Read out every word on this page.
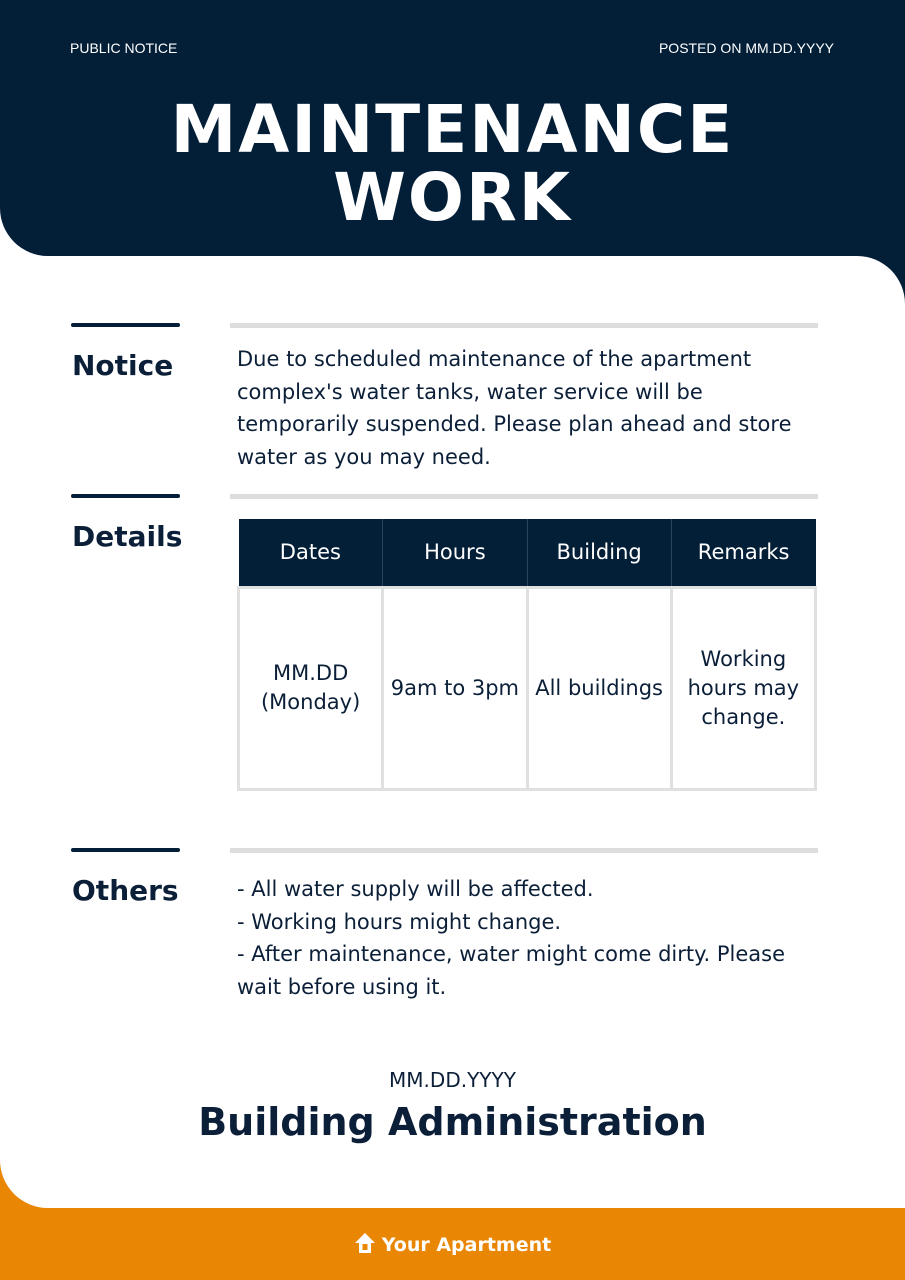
PUBLIC NOTICE	POSTED ON MM.DD.YYYY
MAINTENANCE
WORK
Notice	Due to scheduled maintenance of the apartment complex's water tanks, water service will be temporarily suspended. Please plan ahead and store water as you may need.
Details	Dates	Hours	Building	Remarks
MM.DD (Monday)	9am to 3pm	All buildings	Working hours may change.
Others	- All water supply will be affected.
- Working hours might change.
- After maintenance, water might come dirty. Please wait before using it.
MM.DD.YYYY
Building Administration
Your Apartment
